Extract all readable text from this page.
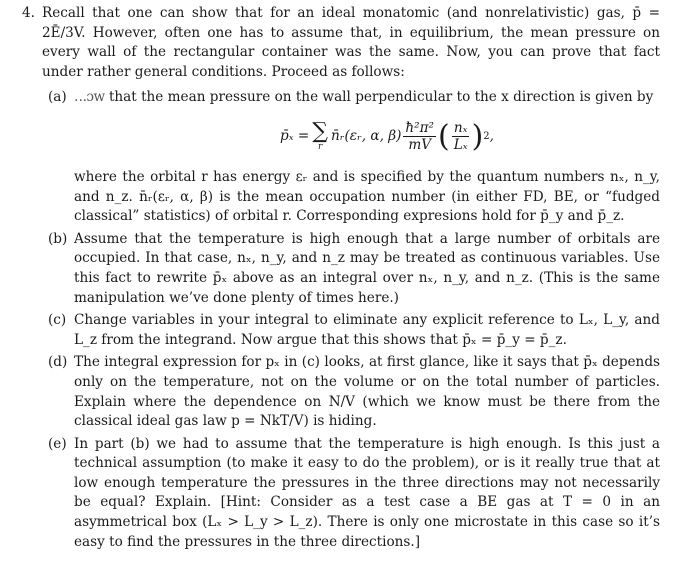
4. Recall that one can show that for an ideal monatomic (and nonrelativistic) gas, p̄ = 2Ē/3V. However, often one has to assume that, in equilibrium, the mean pressure on every wall of the rectangular container was the same. Now, you can prove that fact under rather general conditions. Proceed as follows:
(a) ‥.ɔw that the mean pressure on the wall perpendicular to the x direction is given by
p̄ₓ = ∑
r
n̄ᵣ(εᵣ, α, $\beta) \frac{\text{ħ²π²}}{mV}$ ( $\frac{\text{nₓ}}{\text{Lₓ}}$ ) 2 ,
where the orbital r has energy εᵣ and is specified by the quantum numbers nₓ, n_y, and n_z. n̄ᵣ(εᵣ, α, β) is the mean occupation number (in either FD, BE, or “fudged classical” statistics) of orbital r. Corresponding expresions hold for p̄_y and p̄_z.
(b) Assume that the temperature is high enough that a large number of orbitals are occupied. In that case, nₓ, n_y, and n_z may be treated as continuous variables. Use this fact to rewrite p̄ₓ above as an integral over nₓ, n_y, and n_z. (This is the same manipulation we’ve done plenty of times here.)
(c) Change variables in your integral to eliminate any explicit reference to Lₓ, L_y, and L_z from the integrand. Now argue that this shows that p̄ₓ = p̄_y = p̄_z.
(d) The integral expression for pₓ in (c) looks, at first glance, like it says that p̄ₓ depends only on the temperature, not on the volume or on the total number of particles. Explain where the dependence on N/V (which we know must be there from the classical ideal gas law p = NkT/V) is hiding.
(e) In part (b) we had to assume that the temperature is high enough. Is this just a technical assumption (to make it easy to do the problem), or is it really true that at low enough temperature the pressures in the three directions may not necessarily be equal? Explain. [Hint: Consider as a test case a BE gas at T = 0 in an asymmetrical box (Lₓ > L_y > L_z). There is only one microstate in this case so it’s easy to find the pressures in the three directions.]
